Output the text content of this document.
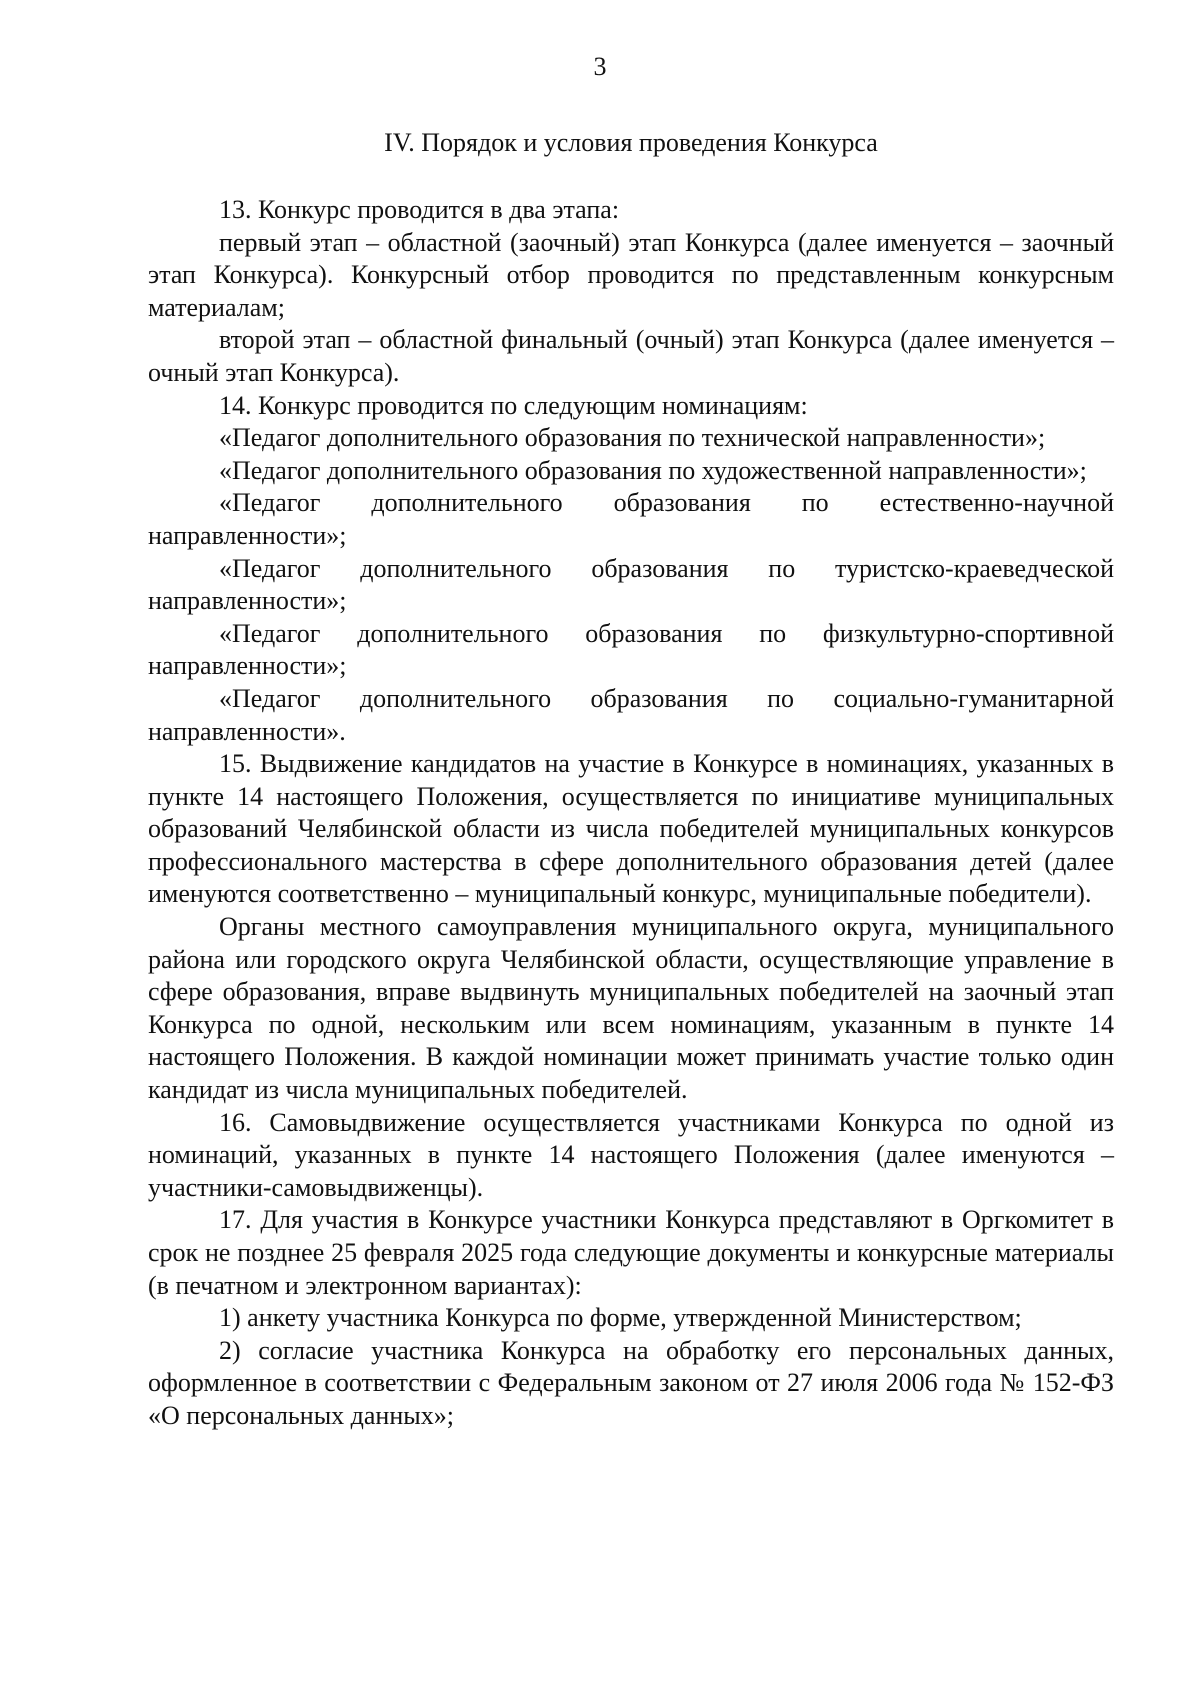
3
IV. Порядок и условия проведения Конкурса

13. Конкурс проводится в два этапа:

первый этап – областной (заочный) этап Конкурса (далее именуется – заочный этап Конкурса). Конкурсный отбор проводится по представленным конкурсным материалам;

второй этап – областной финальный (очный) этап Конкурса (далее именуется – очный этап Конкурса).

14. Конкурс проводится по следующим номинациям:

«Педагог дополнительного образования по технической направленности»;

«Педагог дополнительного образования по художественной направленности»;

«Педагог дополнительного образования по естественно-научной направленности»;

«Педагог дополнительного образования по туристско-краеведческой направленности»;

«Педагог дополнительного образования по физкультурно-спортивной направленности»;

«Педагог дополнительного образования по социально-гуманитарной направленности».

15. Выдвижение кандидатов на участие в Конкурсе в номинациях, указанных в пункте 14 настоящего Положения, осуществляется по инициативе муниципальных образований Челябинской области из числа победителей муниципальных конкурсов профессионального мастерства в сфере дополнительного образования детей (далее именуются соответственно – муниципальный конкурс, муниципальные победители).

Органы местного самоуправления муниципального округа, муниципального района или городского округа Челябинской области, осуществляющие управление в сфере образования, вправе выдвинуть муниципальных победителей на заочный этап Конкурса по одной, нескольким или всем номинациям, указанным в пункте 14 настоящего Положения. В каждой номинации может принимать участие только один кандидат из числа муниципальных победителей.

16. Самовыдвижение осуществляется участниками Конкурса по одной из номинаций, указанных в пункте 14 настоящего Положения (далее именуются – участники-самовыдвиженцы).

17. Для участия в Конкурсе участники Конкурса представляют в Оргкомитет в срок не позднее 25 февраля 2025 года следующие документы и конкурсные материалы (в печатном и электронном вариантах):

1) анкету участника Конкурса по форме, утвержденной Министерством;

2) согласие участника Конкурса на обработку его персональных данных, оформленное в соответствии с Федеральным законом от 27 июля 2006 года № 152-ФЗ «О персональных данных»;
